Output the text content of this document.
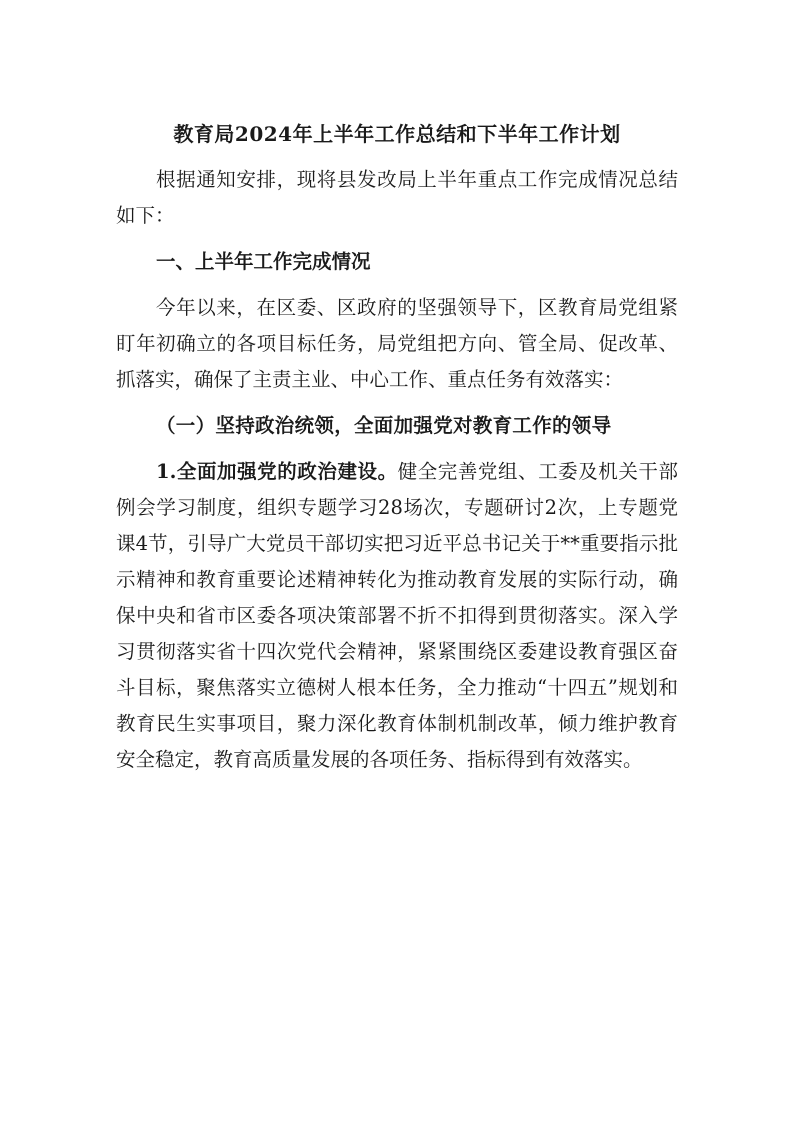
教育局2024年上半年工作总结和下半年工作计划

根据通知安排，现将县发改局上半年重点工作完成情况总结如下：

一、上半年工作完成情况

今年以来，在区委、区政府的坚强领导下，区教育局党组紧盯年初确立的各项目标任务，局党组把方向、管全局、促改革、抓落实，确保了主责主业、中心工作、重点任务有效落实：

（一）坚持政治统领，全面加强党对教育工作的领导

1.全面加强党的政治建设。健全完善党组、工委及机关干部例会学习制度，组织专题学习28场次，专题研讨2次，上专题党课4节，引导广大党员干部切实把习近平总书记关于**重要指示批示精神和教育重要论述精神转化为推动教育发展的实际行动，确保中央和省市区委各项决策部署不折不扣得到贯彻落实。深入学习贯彻落实省十四次党代会精神，紧紧围绕区委建设教育强区奋斗目标，聚焦落实立德树人根本任务，全力推动“十四五”规划和教育民生实事项目，聚力深化教育体制机制改革，倾力维护教育安全稳定，教育高质量发展的各项任务、指标得到有效落实。
